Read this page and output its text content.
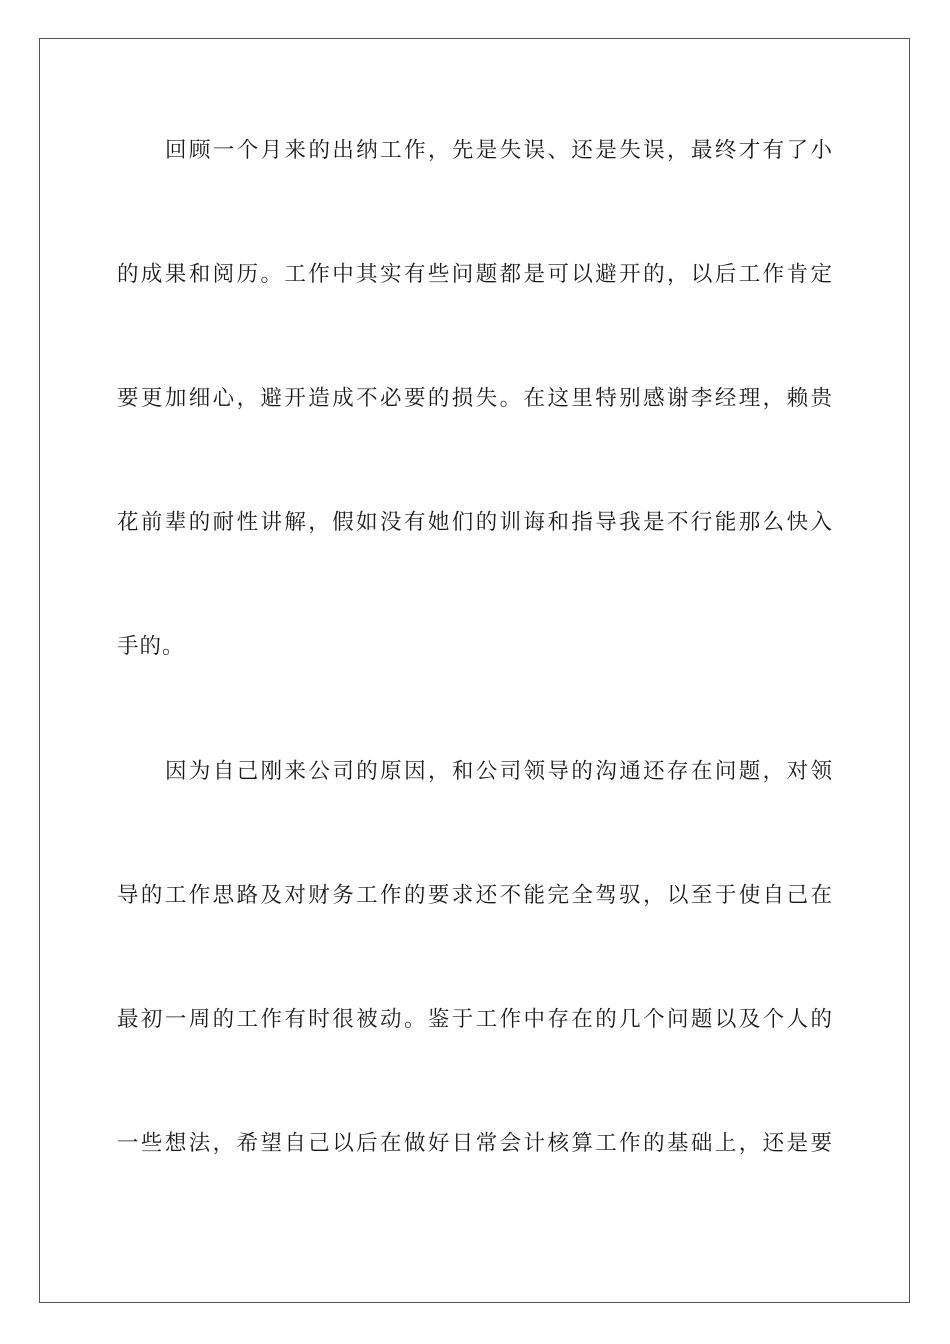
回顾一个月来的出纳工作，先是失误、还是失误，最终才有了小
的成果和阅历。工作中其实有些问题都是可以避开的，以后工作肯定
要更加细心，避开造成不必要的损失。在这里特别感谢李经理，赖贵
花前辈的耐性讲解，假如没有她们的训诲和指导我是不行能那么快入
手的。
因为自己刚来公司的原因，和公司领导的沟通还存在问题，对领
导的工作思路及对财务工作的要求还不能完全驾驭，以至于使自己在
最初一周的工作有时很被动。鉴于工作中存在的几个问题以及个人的
一些想法，希望自己以后在做好日常会计核算工作的基础上，还是要
